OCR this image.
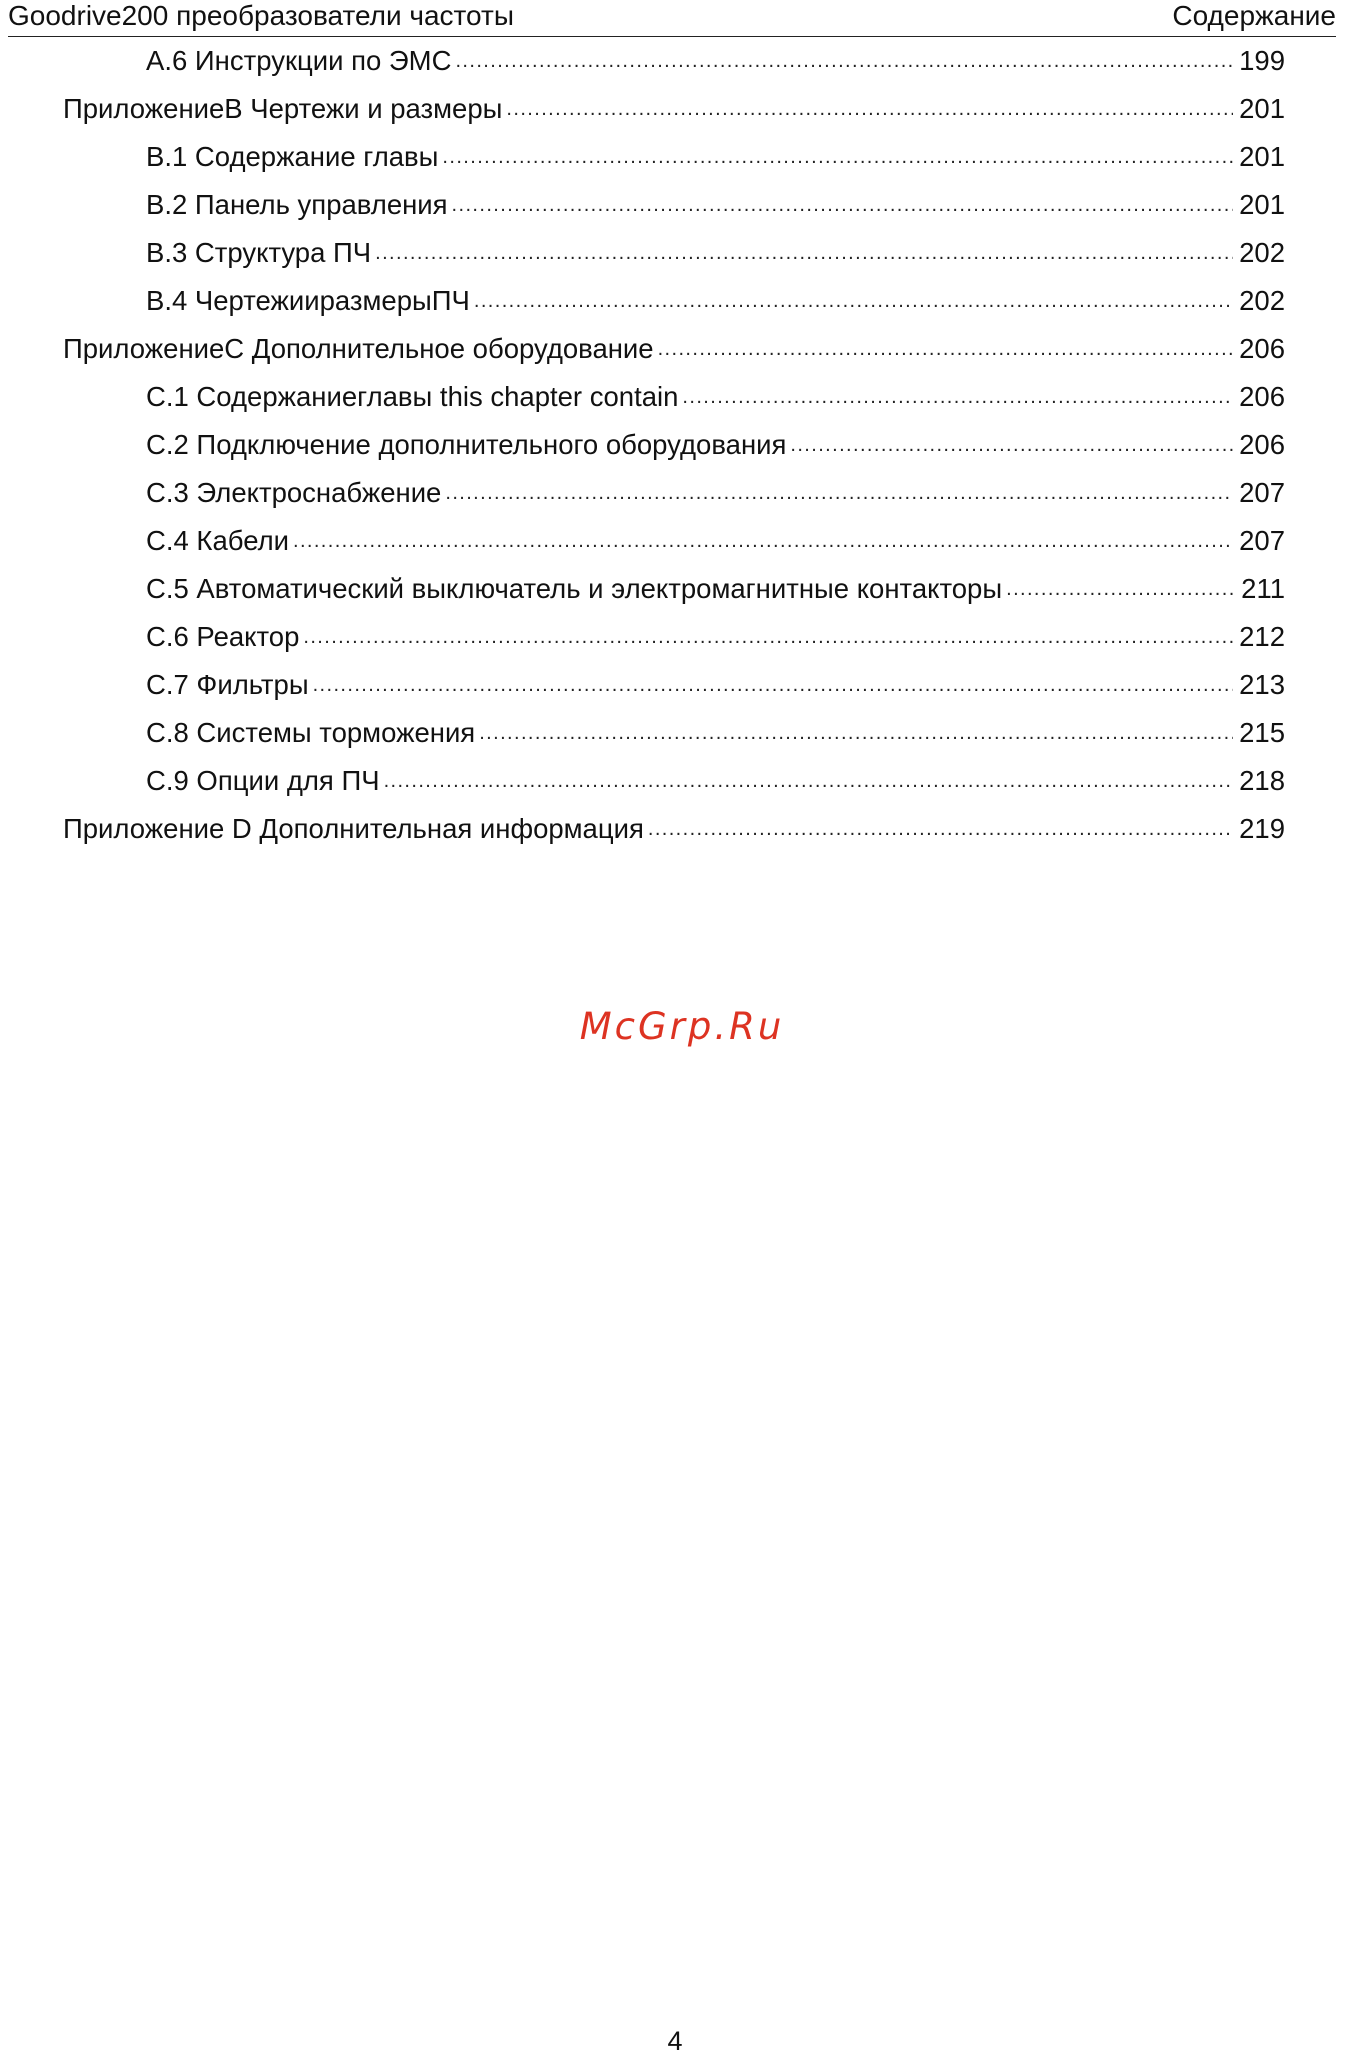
Goodrive200 преобразователи частоты	Содержание
A.6 Инструкции по ЭМС .....	199
ПриложениеB Чертежи и размеры .....	201
B.1 Содержание главы .....	201
B.2 Панель управления .....	201
B.3 Структура ПЧ .....	202
B.4 ЧертежииразмерыПЧ .....	202
ПриложениеC Дополнительное оборудование .....	206
C.1 Содержаниеглавы this chapter contain .....	206
C.2 Подключение дополнительного оборудования .....	206
C.3 Электроснабжение .....	207
C.4 Кабели .....	207
C.5 Автоматический выключатель и электромагнитные контакторы .....	211
C.6 Реактор .....	212
C.7 Фильтры .....	213
C.8 Системы торможения .....	215
C.9 Опции для ПЧ .....	218
Приложение D Дополнительная информация .....	219
McGrp.Ru
4
